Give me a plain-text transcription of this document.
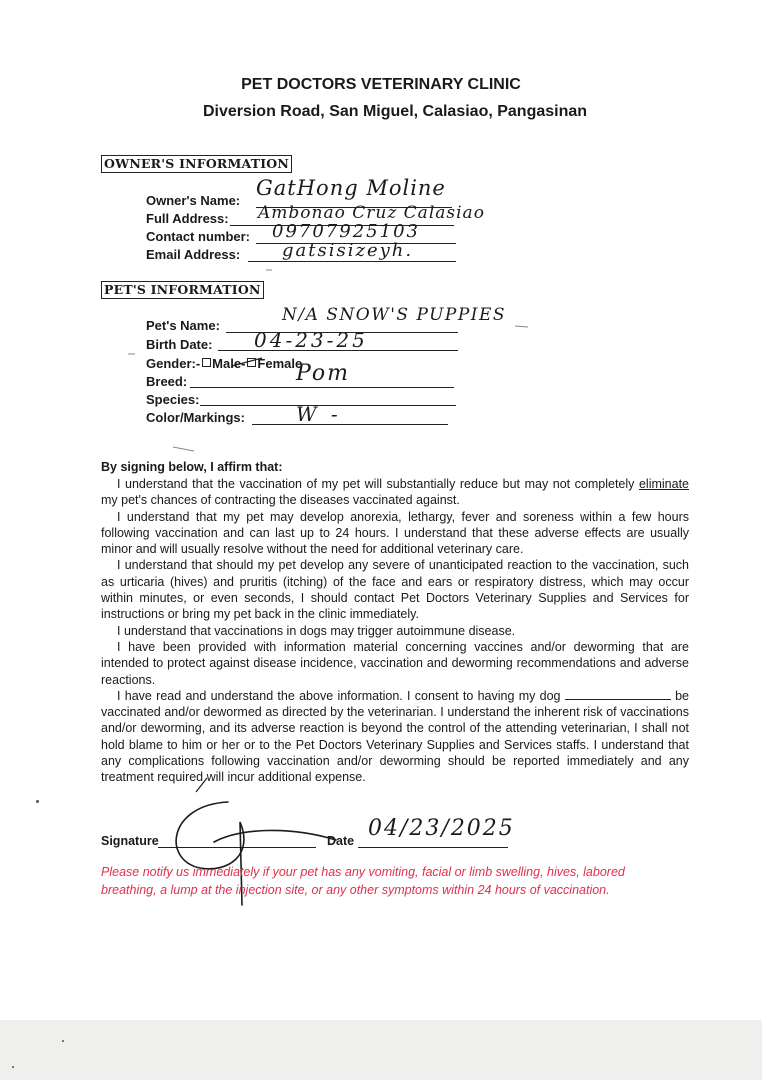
PET DOCTORS VETERINARY CLINIC
Diversion Road, San Miguel, Calasiao, Pangasinan
OWNER'S INFORMATION
Owner's Name:
GatHong Moline
Full Address: Ambonao Cruz Calasiao
Contact number: 09707925103
Email Address: gatsisizeyh.
PET'S INFORMATION
Pet's Name:
N/A SNOW'S PUPPIES
Birth Date: 04-23-25
Gender:- Male- Female
Breed:	Pom
Species:
Color/Markings:	W -
By signing below, I affirm that:

I understand that the vaccination of my pet will substantially reduce but may not completely eliminate my pet's chances of contracting the diseases vaccinated against.

I understand that my pet may develop anorexia, lethargy, fever and soreness within a few hours following vaccination and can last up to 24 hours. I understand that these adverse effects are usually minor and will usually resolve without the need for additional veterinary care.

I understand that should my pet develop any severe of unanticipated reaction to the vaccination, such as urticaria (hives) and pruritis (itching) of the face and ears or respiratory distress, which may occur within minutes, or even seconds, I should contact Pet Doctors Veterinary Supplies and Services for instructions or bring my pet back in the clinic immediately.

I understand that vaccinations in dogs may trigger autoimmune disease.

I have been provided with information material concerning vaccines and/or deworming that are intended to protect against disease incidence, vaccination and deworming recommendations and adverse reactions.

I have read and understand the above information. I consent to having my dog	be vaccinated and/or dewormed as directed by the veterinarian. I understand the inherent risk of vaccinations and/or deworming, and its adverse reaction is beyond the control of the attending veterinarian, I shall not hold blame to him or her or to the Pet Doctors Veterinary Supplies and Services staffs. I understand that any complications following vaccination and/or deworming should be reported immediately and any treatment required will incur additional expense.

Signature	Date 04/23/2025
Please notify us immediately if your pet has any vomiting, facial or limb swelling, hives, labored breathing, a lump at the injection site, or any other symptoms within 24 hours of vaccination.
